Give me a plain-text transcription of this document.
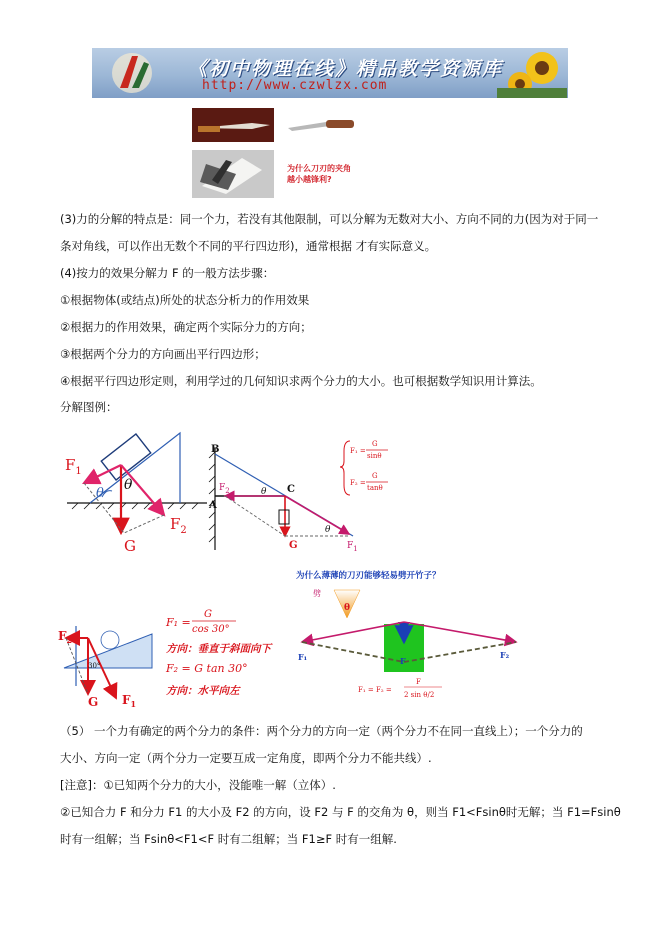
《初中物理在线》精品教学资源库
http://www.czwlzx.com
为什么刀刃的夹角
越小越锋利?
(3)力的分解的特点是：同一个力，若没有其他限制，可以分解为无数对大小、方向不同的力(因为对于同一
条对角线，可以作出无数个不同的平行四边形)，通常根据 才有实际意义。
(4)按力的效果分解力 F 的一般方法步骤：
①根据物体(或结点)所处的状态分析力的作用效果
②根据力的作用效果，确定两个实际分力的方向；
③根据两个分力的方向画出平行四边形；
④根据平行四边形定则，利用学过的几何知识求两个分力的大小。也可根据数学知识用计算法。
分解图例：
$F_1$
$F_2$
G
θ
θ
B
A
C
G
$F_2$
$F_1$
θ
θ
F₁ =
G
sinθ
F₂ =
G
tanθ
$F_2$
$F_1$
G
30°
F₁ =
G
cos 30°
方向：垂直于斜面向下
F₂ = G tan 30°
方向：水平向左
为什么薄薄的刀刃能够轻易劈开竹子？
劈
θ
F₁	F₂
F
F₁ = F₂ =
F
2 sin θ/2
（5） 一个力有确定的两个分力的条件：两个分力的方向一定（两个分力不在同一直线上）；一个分力的
大小、方向一定（两个分力一定要互成一定角度，即两个分力不能共线）.
[注意]：①已知两个分力的大小，没能唯一解（立体）.
②已知合力 F 和分力 F1 的大小及 F2 的方向，设 F2 与 F 的交角为 θ，则当 F1<Fsinθ时无解；当 F1=Fsinθ
时有一组解；当 Fsinθ<F1<F 时有二组解；当 F1≥F 时有一组解.
